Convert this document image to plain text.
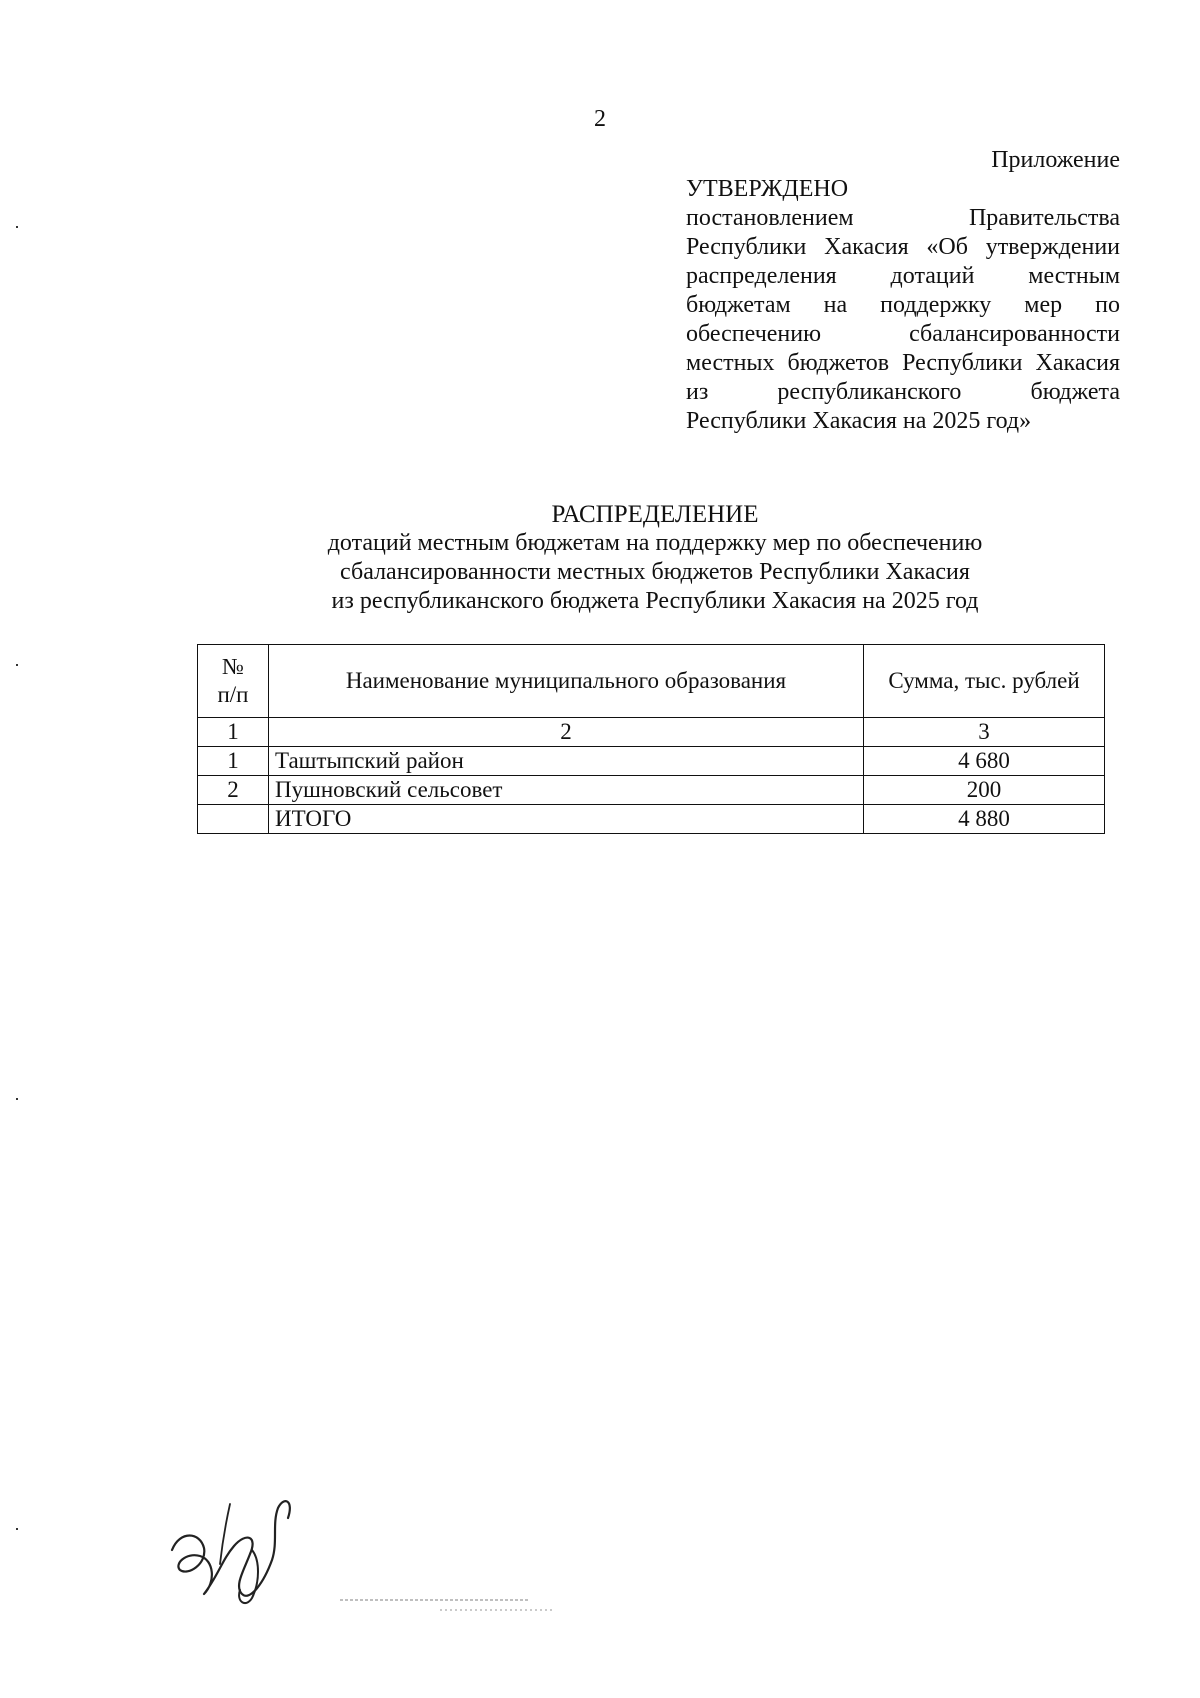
2
Приложение
УТВЕРЖДЕНО
постановлением Правительства Республики Хакасия «Об утверждении распределения дотаций местным бюджетам на поддержку мер по обеспечению сбалансированности местных бюджетов Республики Хакасия из республиканского бюджета Республики Хакасия на 2025 год»
РАСПРЕДЕЛЕНИЕ
дотаций местным бюджетам на поддержку мер по обеспечению
сбалансированности местных бюджетов Республики Хакасия
из республиканского бюджета Республики Хакасия на 2025 год
№
п/п	Наименование муниципального образования	Сумма, тыс. рублей
1	2	3
1	Таштыпский район	4 680
2	Пушновский сельсовет	200
	ИТОГО	4 880
